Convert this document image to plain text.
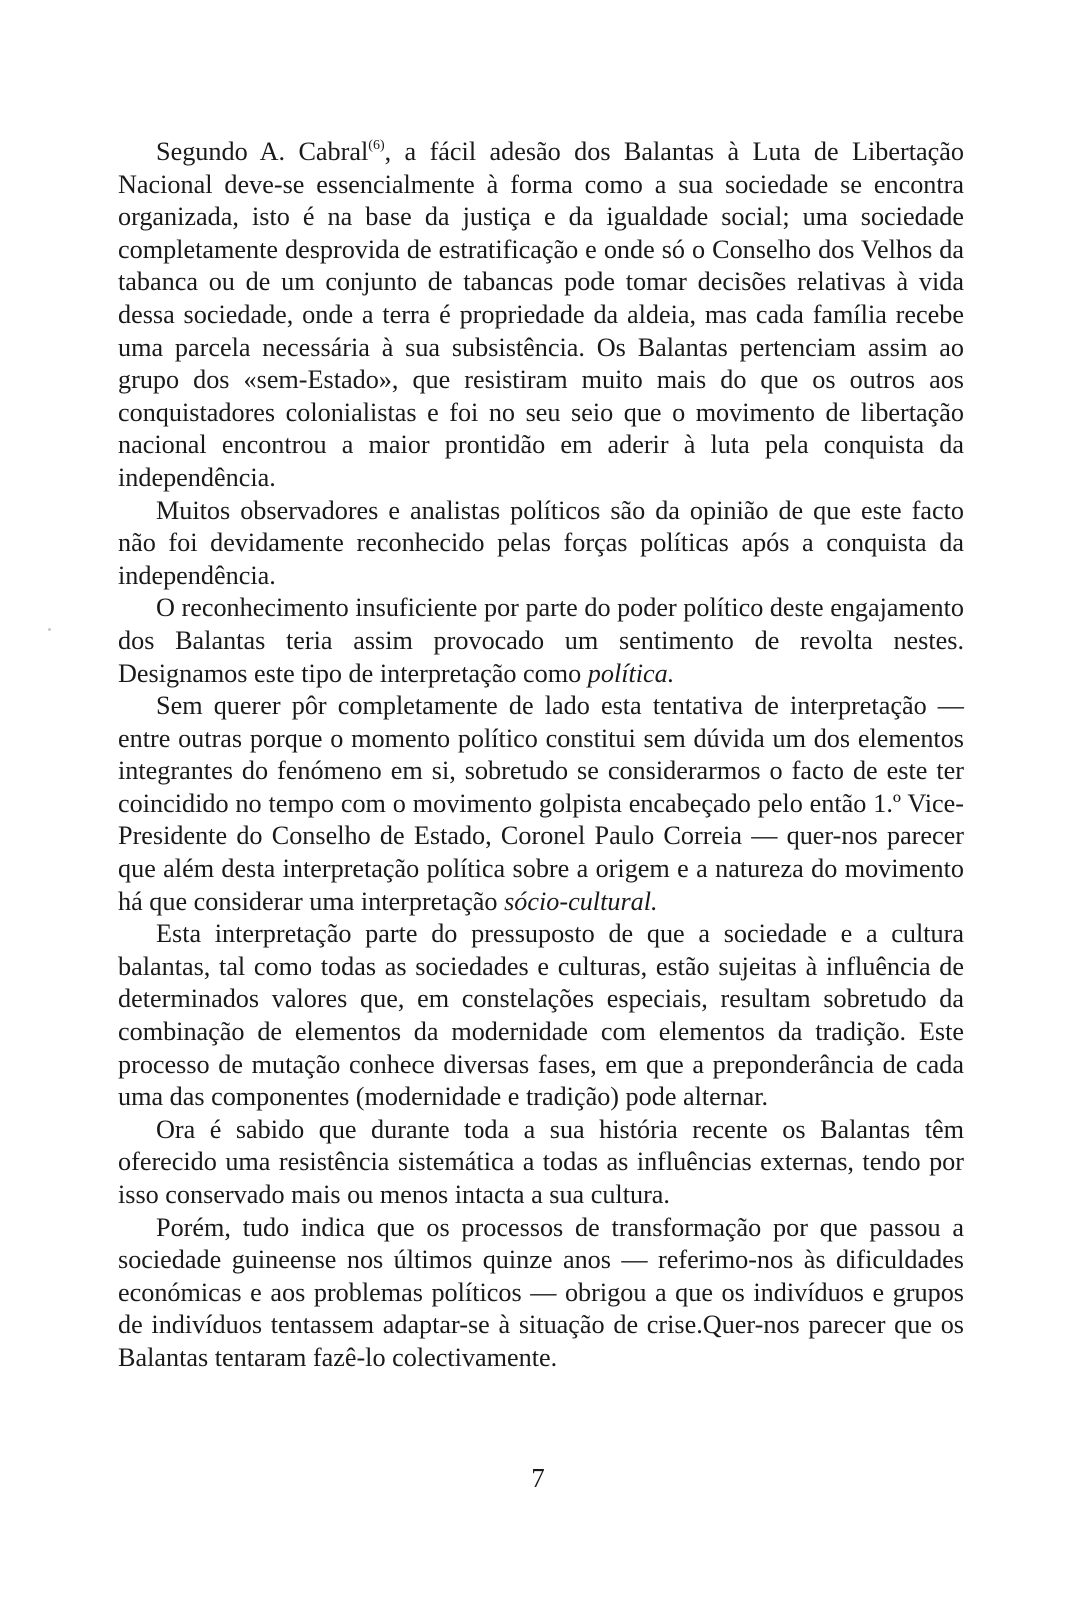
Segundo A. Cabral$^{(6)}$, a fácil adesão dos Balantas à Luta de Libertação Nacional deve-se essencialmente à forma como a sua sociedade se encontra organizada, isto é na base da justiça e da igualdade social; uma sociedade completamente desprovida de estratificação e onde só o Conselho dos Velhos da tabanca ou de um conjunto de tabancas pode tomar decisões relativas à vida dessa sociedade, onde a terra é propriedade da aldeia, mas cada família recebe uma parcela necessária à sua subsistência. Os Balantas pertenciam assim ao grupo dos «sem-Estado», que resistiram muito mais do que os outros aos conquistadores colonialistas e foi no seu seio que o movimento de libertação nacional encontrou a maior prontidão em aderir à luta pela conquista da independência.

Muitos observadores e analistas políticos são da opinião de que este facto não foi devidamente reconhecido pelas forças políticas após a conquista da independência.

O reconhecimento insuficiente por parte do poder político deste engajamento dos Balantas teria assim provocado um sentimento de revolta nestes. Designamos este tipo de interpretação como política.

Sem querer pôr completamente de lado esta tentativa de interpretação — entre outras porque o momento político constitui sem dúvida um dos elementos integrantes do fenómeno em si, sobretudo se considerarmos o facto de este ter coincidido no tempo com o movimento golpista encabeçado pelo então 1.º Vice-Presidente do Conselho de Estado, Coronel Paulo Correia — quer-nos parecer que além desta interpretação política sobre a origem e a natureza do movimento há que considerar uma interpretação sócio-cultural.

Esta interpretação parte do pressuposto de que a sociedade e a cultura balantas, tal como todas as sociedades e culturas, estão sujeitas à influência de determinados valores que, em constelações especiais, resultam sobretudo da combinação de elementos da modernidade com elementos da tradição. Este processo de mutação conhece diversas fases, em que a preponderância de cada uma das componentes (modernidade e tradição) pode alternar.

Ora é sabido que durante toda a sua história recente os Balantas têm oferecido uma resistência sistemática a todas as influências externas, tendo por isso conservado mais ou menos intacta a sua cultura.

Porém, tudo indica que os processos de transformação por que passou a sociedade guineense nos últimos quinze anos — referimo-nos às dificuldades económicas e aos problemas políticos — obrigou a que os indivíduos e grupos de indivíduos tentassem adaptar-se à situação de crise.Quer-nos parecer que os Balantas tentaram fazê-lo colectivamente.

7
